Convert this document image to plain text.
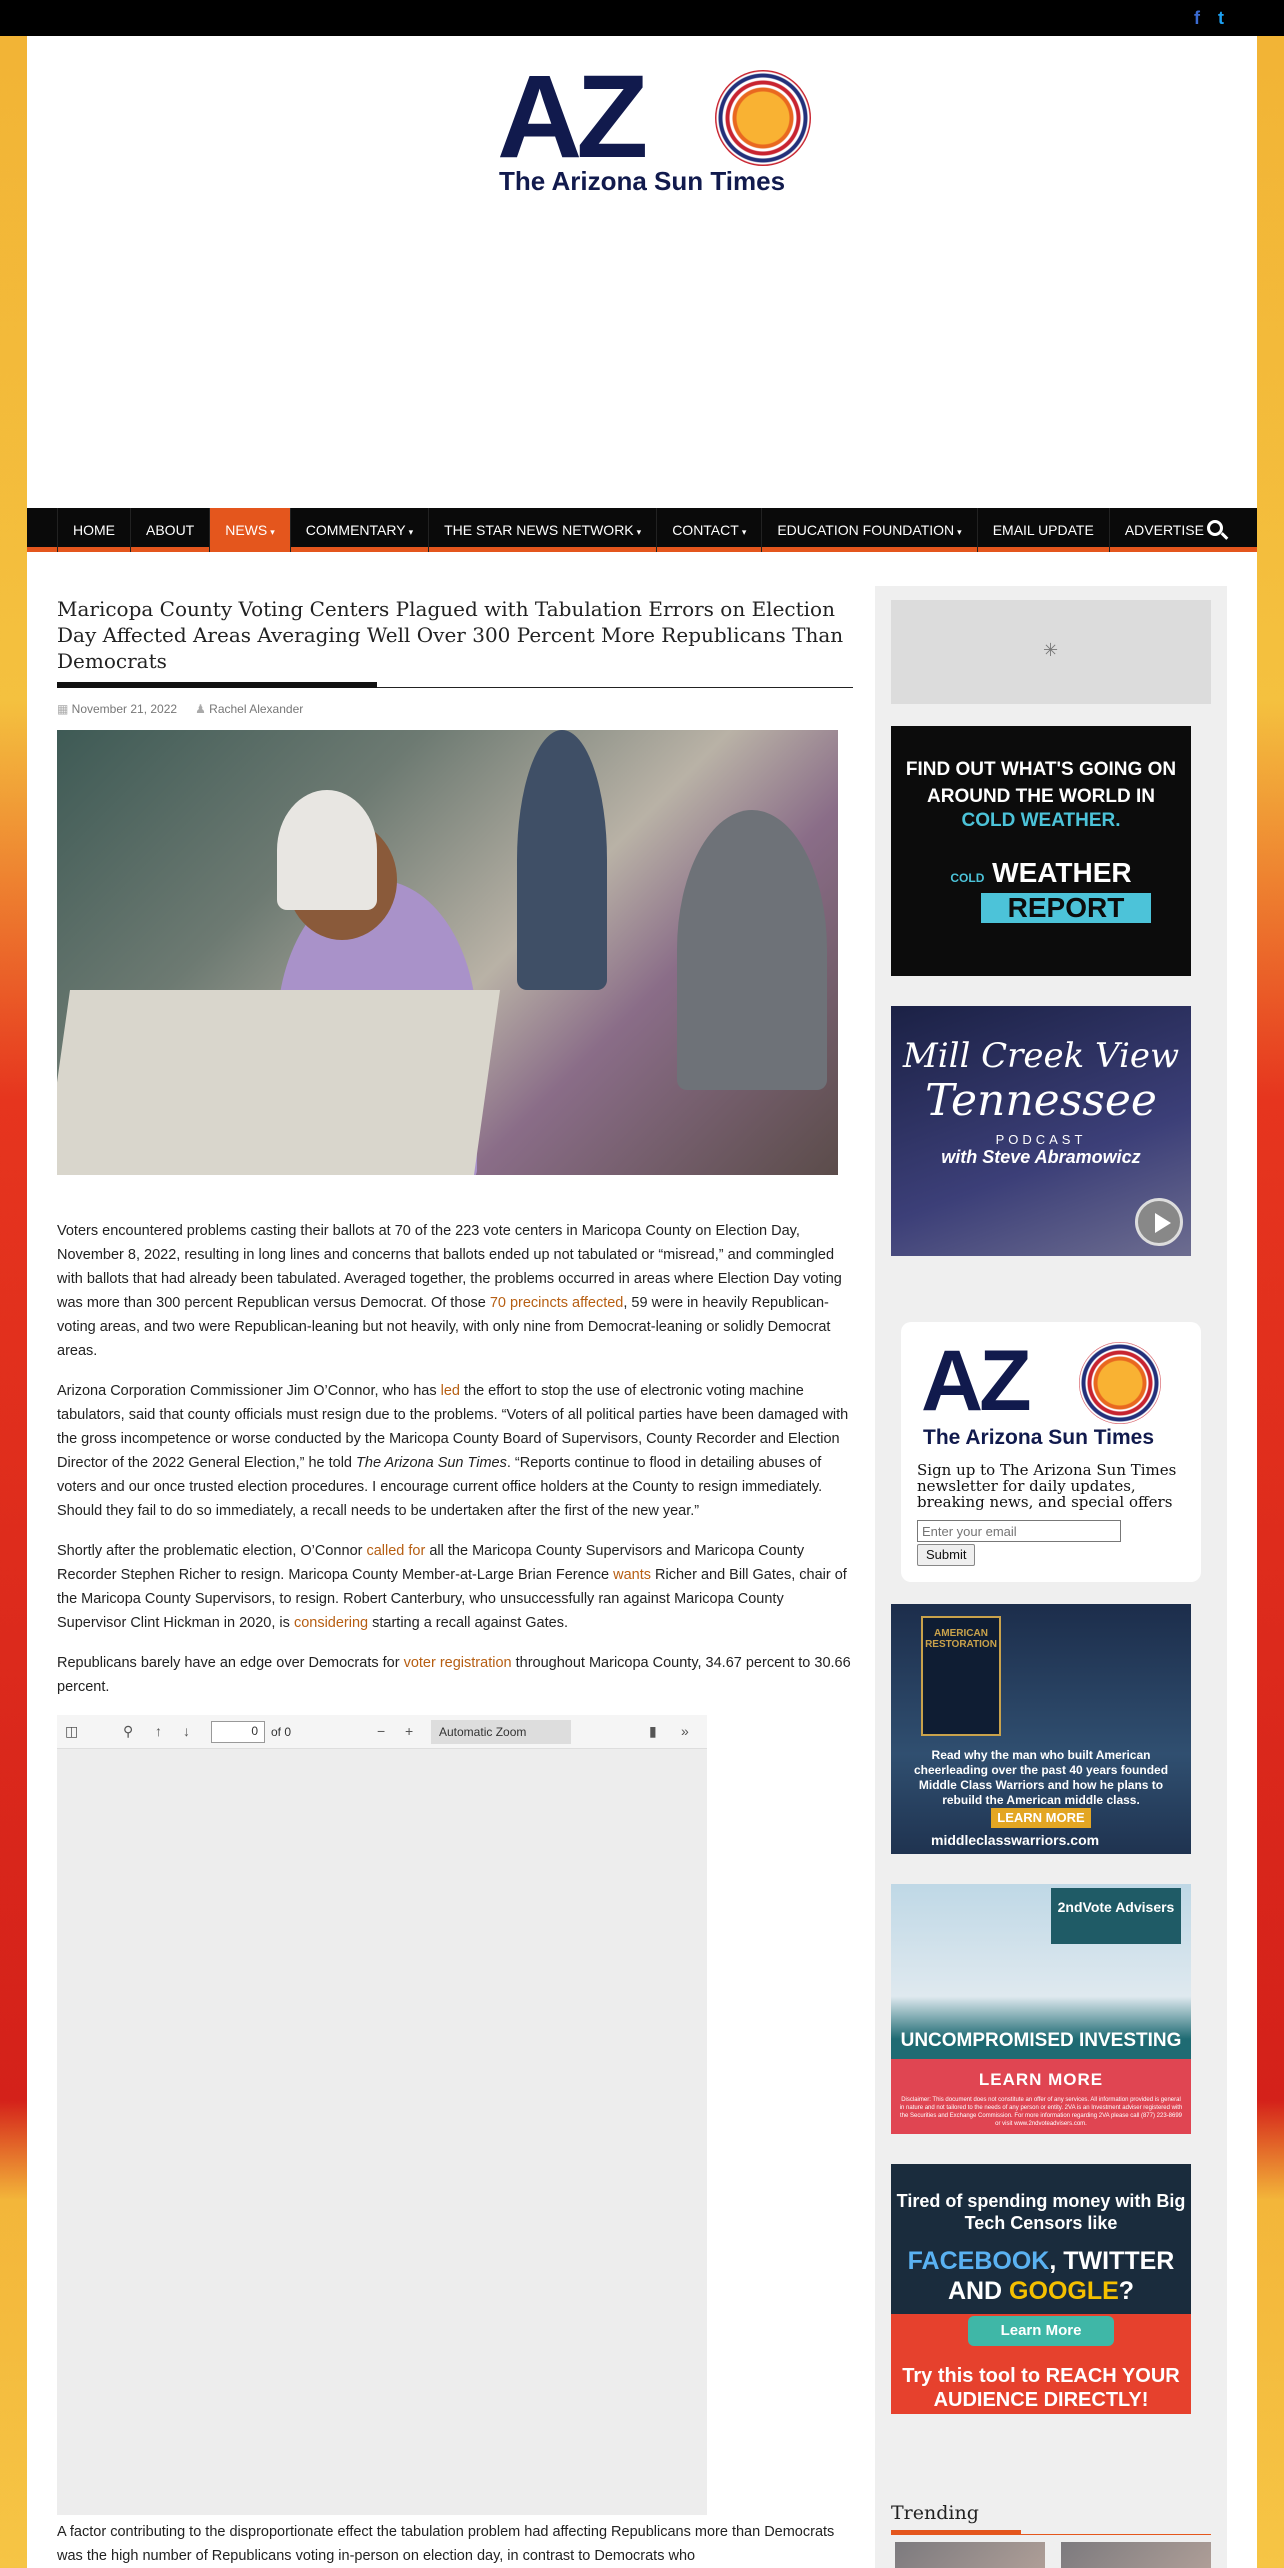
f t
AZ
The Arizona Sun Times
HOME	ABOUT	NEWS ▾	COMMENTARY ▾	THE STAR NEWS NETWORK ▾	CONTACT ▾	EDUCATION FOUNDATION ▾	EMAIL UPDATE	ADVERTISE
Maricopa County Voting Centers Plagued with Tabulation Errors on Election Day Affected Areas Averaging Well Over 300 Percent More Republicans Than Democrats
▦ November 21, 2022
♟	Rachel Alexander

Voters encountered problems casting their ballots at 70 of the 223 vote centers in Maricopa County on Election Day, November 8, 2022, resulting in long lines and concerns that ballots ended up not tabulated or “misread,” and commingled with ballots that had already been tabulated. Averaged together, the problems occurred in areas where Election Day voting was more than 300 percent Republican versus Democrat. Of those 70 precincts affected, 59 were in heavily Republican-voting areas, and two were Republican-leaning but not heavily, with only nine from Democrat-leaning or solidly Democrat areas.

Arizona Corporation Commissioner Jim O’Connor, who has led the effort to stop the use of electronic voting machine tabulators, said that county officials must resign due to the problems. “Voters of all political parties have been damaged with the gross incompetence or worse conducted by the Maricopa County Board of Supervisors, County Recorder and Election Director of the 2022 General Election,” he told The Arizona Sun Times. “Reports continue to flood in detailing abuses of voters and our once trusted election procedures. I encourage current office holders at the County to resign immediately. Should they fail to do so immediately, a recall needs to be undertaken after the first of the new year.”

Shortly after the problematic election, O’Connor called for all the Maricopa County Supervisors and Maricopa County Recorder Stephen Richer to resign. Maricopa County Member-at-Large Brian Ference wants Richer and Bill Gates, chair of the Maricopa County Supervisors, to resign. Robert Canterbury, who unsuccessfully ran against Maricopa County Supervisor Clint Hickman in 2020, is considering starting a recall against Gates.

Republicans barely have an edge over Democrats for voter registration throughout Maricopa County, 34.67 percent to 30.66 percent.

◫	⚲ ↑ ↓	0	of 0	− +	Automatic Zoom	▮ »
A factor contributing to the disproportionate effect the tabulation problem had affecting Republicans more than Democrats was the high number of Republicans voting in-person on election day, in contrast to Democrats who
✳
FIND OUT WHAT'S GOING ON AROUND THE WORLD IN
COLD WEATHER.
COLD WEATHER
REPORT
Mill Creek View
Tennessee
PODCAST
with Steve Abramowicz
AZ
The Arizona Sun Times
Sign up to The Arizona Sun Times newsletter for daily updates, breaking news, and special offers
Enter your email
Submit
AMERICAN RESTORATION
Read why the man who built American cheerleading over the past 40 years founded Middle Class Warriors and how he plans to rebuild the American middle class.
LEARN MORE
middleclasswarriors.com
2ndVote Advisers
UNCOMPROMISED INVESTING
LEARN MORE
Disclaimer: This document does not constitute an offer of any services. All information provided is general in nature and not tailored to the needs of any person or entity. 2VA is an Investment adviser registered with the Securities and Exchange Commission. For more information regarding 2VA please call (877) 223-8699 or visit www.2ndvoteadvisers.com.
Tired of spending money with Big Tech Censors like
FACEBOOK, TWITTER AND GOOGLE?
Learn More
Try this tool to REACH YOUR AUDIENCE DIRECTLY!
Trending
